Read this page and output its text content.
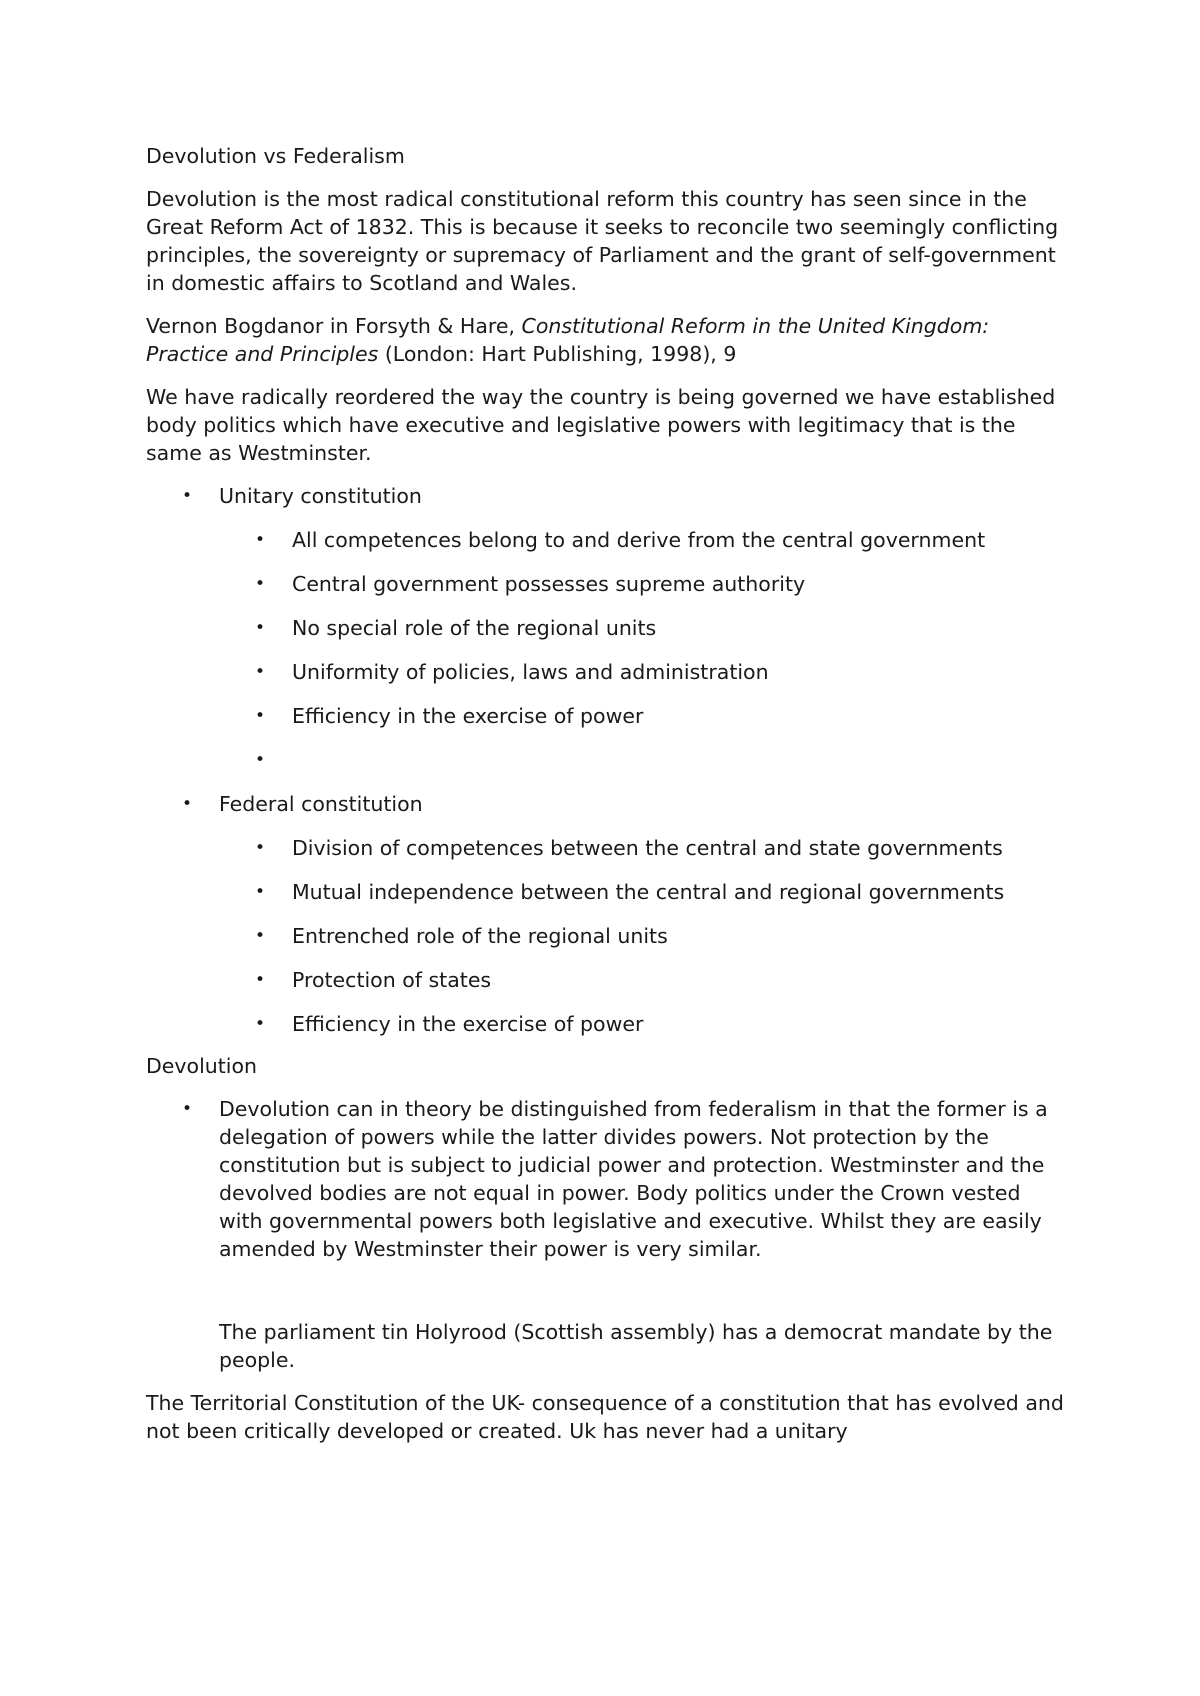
Devolution vs Federalism

Devolution is the most radical constitutional reform this country has seen since in the Great Reform Act of 1832. This is because it seeks to reconcile two seemingly conflicting principles, the sovereignty or supremacy of Parliament and the grant of self-government in domestic affairs to Scotland and Wales.

Vernon Bogdanor in Forsyth & Hare, Constitutional Reform in the United Kingdom: Practice and Principles (London: Hart Publishing, 1998), 9

We have radically reordered the way the country is being governed we have established body politics which have executive and legislative powers with legitimacy that is the same as Westminster.

• Unitary constitution
• All competences belong to and derive from the central government
• Central government possesses supreme authority
• No special role of the regional units
• Uniformity of policies, laws and administration
• Efficiency in the exercise of power
•

• Federal constitution
• Division of competences between the central and state governments
• Mutual independence between the central and regional governments
• Entrenched role of the regional units
• Protection of states
• Efficiency in the exercise of power

Devolution

• Devolution can in theory be distinguished from federalism in that the former is a delegation of powers while the latter divides powers. Not protection by the constitution but is subject to judicial power and protection. Westminster and the devolved bodies are not equal in power. Body politics under the Crown vested with governmental powers both legislative and executive. Whilst they are easily amended by Westminster their power is very similar.

The parliament tin Holyrood (Scottish assembly) has a democrat mandate by the people.

The Territorial Constitution of the UK- consequence of a constitution that has evolved and not been critically developed or created. Uk has never had a unitary
